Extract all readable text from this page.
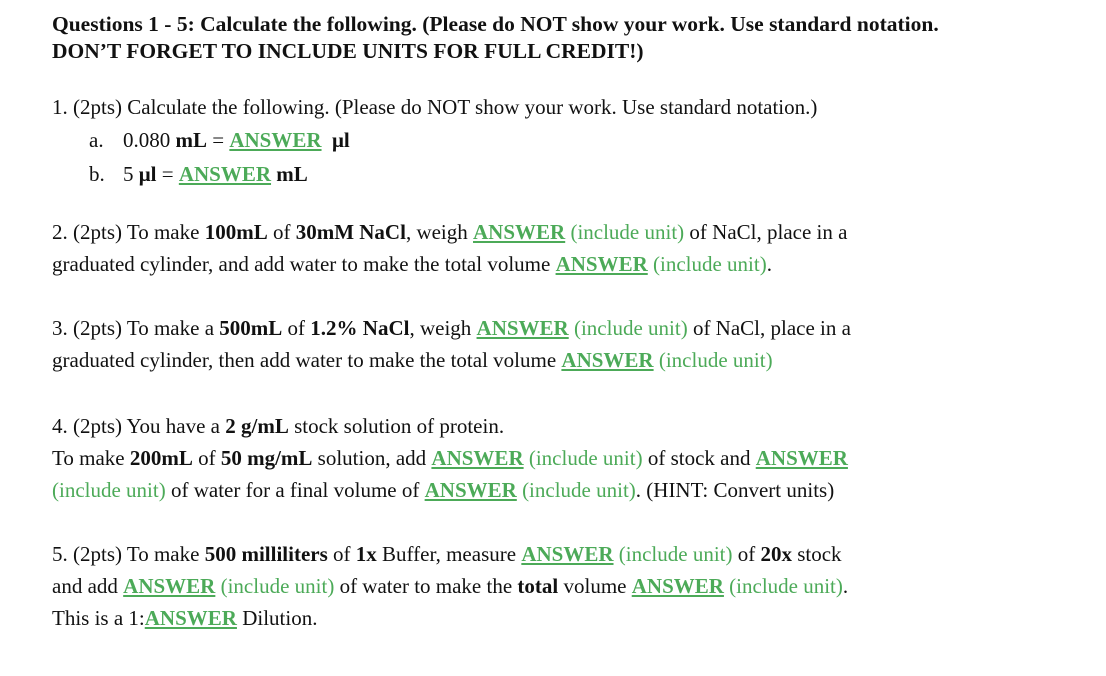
Questions 1 - 5: Calculate the following. (Please do NOT show your work. Use standard notation.
DON’T FORGET TO INCLUDE UNITS FOR FULL CREDIT!)
1. (2pts) Calculate the following. (Please do NOT show your work. Use standard notation.)
a. 0.080 mL = ANSWER μl
b. 5 μl = ANSWER mL
2. (2pts) To make 100mL of 30mM NaCl, weigh ANSWER (include unit) of NaCl, place in a
graduated cylinder, and add water to make the total volume ANSWER (include unit).
3. (2pts) To make a 500mL of 1.2% NaCl, weigh ANSWER (include unit) of NaCl, place in a
graduated cylinder, then add water to make the total volume ANSWER (include unit)
4. (2pts) You have a 2 g/mL stock solution of protein.
To make 200mL of 50 mg/mL solution, add ANSWER (include unit) of stock and ANSWER
(include unit) of water for a final volume of ANSWER (include unit). (HINT: Convert units)
5. (2pts) To make 500 milliliters of 1x Buffer, measure ANSWER (include unit) of 20x stock
and add ANSWER (include unit) of water to make the total volume ANSWER (include unit).
This is a 1:ANSWER Dilution.
